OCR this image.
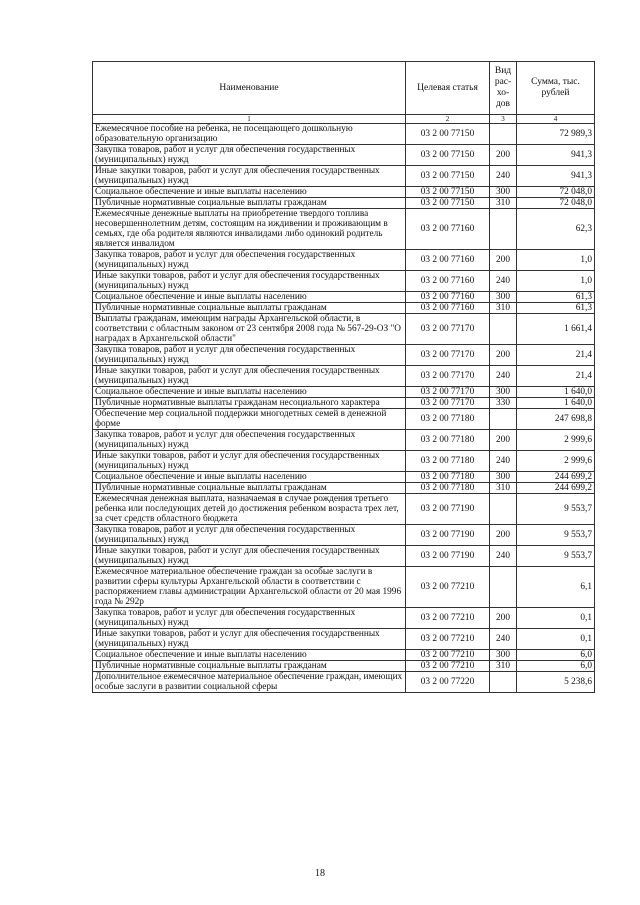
Наименование	Целевая статья	Вид рас-хо-дов	Сумма, тыс. рублей
1	2	3	4
Ежемесячное пособие на ребенка, не посещающего дошкольную образовательную организацию	03 2 00 77150		72 989,3
Закупка товаров, работ и услуг для обеспечения государственных (муниципальных) нужд	03 2 00 77150	200	941,3
Иные закупки товаров, работ и услуг для обеспечения государственных (муниципальных) нужд	03 2 00 77150	240	941,3
Социальное обеспечение и иные выплаты населению	03 2 00 77150	300	72 048,0
Публичные нормативные социальные выплаты гражданам	03 2 00 77150	310	72 048,0
Ежемесячные денежные выплаты на приобретение твердого топлива несовершеннолетним детям, состоящим на иждивении и проживающим в семьях, где оба родителя являются инвалидами либо одинокий родитель является инвалидом	03 2 00 77160		62,3
Закупка товаров, работ и услуг для обеспечения государственных (муниципальных) нужд	03 2 00 77160	200	1,0
Иные закупки товаров, работ и услуг для обеспечения государственных (муниципальных) нужд	03 2 00 77160	240	1,0
Социальное обеспечение и иные выплаты населению	03 2 00 77160	300	61,3
Публичные нормативные социальные выплаты гражданам	03 2 00 77160	310	61,3
Выплаты гражданам, имеющим награды Архангельской области, в соответствии с областным законом от 23 сентября 2008 года № 567-29-ОЗ "О наградах в Архангельской области"	03 2 00 77170		1 661,4
Закупка товаров, работ и услуг для обеспечения государственных (муниципальных) нужд	03 2 00 77170	200	21,4
Иные закупки товаров, работ и услуг для обеспечения государственных (муниципальных) нужд	03 2 00 77170	240	21,4
Социальное обеспечение и иные выплаты населению	03 2 00 77170	300	1 640,0
Публичные нормативные выплаты гражданам несоциального характера	03 2 00 77170	330	1 640,0
Обеспечение мер социальной поддержки многодетных семей в денежной форме	03 2 00 77180		247 698,8
Закупка товаров, работ и услуг для обеспечения государственных (муниципальных) нужд	03 2 00 77180	200	2 999,6
Иные закупки товаров, работ и услуг для обеспечения государственных (муниципальных) нужд	03 2 00 77180	240	2 999,6
Социальное обеспечение и иные выплаты населению	03 2 00 77180	300	244 699,2
Публичные нормативные социальные выплаты гражданам	03 2 00 77180	310	244 699,2
Ежемесячная денежная выплата, назначаемая в случае рождения третьего ребенка или последующих детей до достижения ребенком возраста трех лет, за счет средств областного бюджета	03 2 00 77190		9 553,7
Закупка товаров, работ и услуг для обеспечения государственных (муниципальных) нужд	03 2 00 77190	200	9 553,7
Иные закупки товаров, работ и услуг для обеспечения государственных (муниципальных) нужд	03 2 00 77190	240	9 553,7
Ежемесячное материальное обеспечение граждан за особые заслуги в развитии сферы культуры Архангельской области в соответствии с распоряжением главы администрации Архангельской области от 20 мая 1996 года № 292р	03 2 00 77210		6,1
Закупка товаров, работ и услуг для обеспечения государственных (муниципальных) нужд	03 2 00 77210	200	0,1
Иные закупки товаров, работ и услуг для обеспечения государственных (муниципальных) нужд	03 2 00 77210	240	0,1
Социальное обеспечение и иные выплаты населению	03 2 00 77210	300	6,0
Публичные нормативные социальные выплаты гражданам	03 2 00 77210	310	6,0
Дополнительное ежемесячное материальное обеспечение граждан, имеющих особые заслуги в развитии социальной сферы	03 2 00 77220		5 238,6
18
